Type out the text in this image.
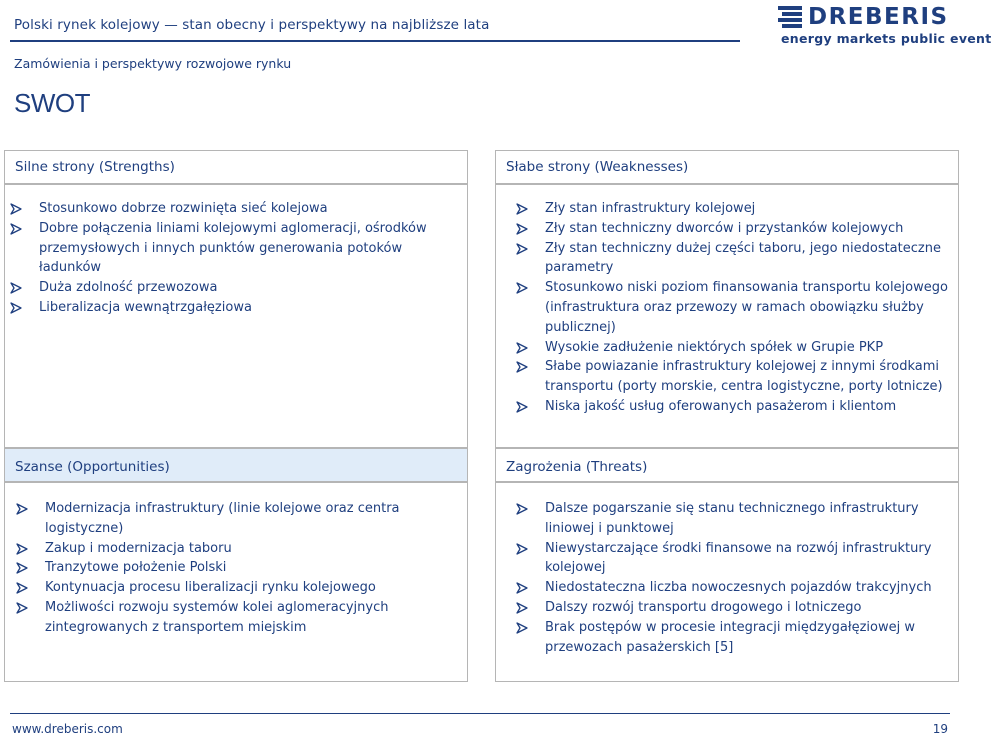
Polski rynek kolejowy — stan obecny i perspektywy na najbliższe lata	DREBERIS
energy markets public event
Zamówienia i perspektywy rozwojowe rynku
SWOT
Silne strony (Strengths)
Stosunkowo dobrze rozwinięta sieć kolejowa
Dobre połączenia liniami kolejowymi aglomeracji, ośrodków przemysłowych i innych punktów generowania potoków ładunków
Duża zdolność przewozowa
Liberalizacja wewnątrzgałęziowa
Słabe strony (Weaknesses)
Zły stan infrastruktury kolejowej
Zły stan techniczny dworców i przystanków kolejowych
Zły stan techniczny dużej części taboru, jego niedostateczne parametry
Stosunkowo niski poziom finansowania transportu kolejowego (infrastruktura oraz przewozy w ramach obowiązku służby publicznej)
Wysokie zadłużenie niektórych spółek w Grupie PKP
Słabe powiazanie infrastruktury kolejowej z innymi środkami transportu (porty morskie, centra logistyczne, porty lotnicze)
Niska jakość usług oferowanych pasażerom i klientom
Szanse (Opportunities)
Modernizacja infrastruktury (linie kolejowe oraz centra logistyczne)
Zakup i modernizacja taboru
Tranzytowe położenie Polski
Kontynuacja procesu liberalizacji rynku kolejowego
Możliwości rozwoju systemów kolei aglomeracyjnych zintegrowanych z transportem miejskim
Zagrożenia (Threats)
Dalsze pogarszanie się stanu technicznego infrastruktury liniowej i punktowej
Niewystarczające środki finansowe na rozwój infrastruktury kolejowej
Niedostateczna liczba nowoczesnych pojazdów trakcyjnych
Dalszy rozwój transportu drogowego i lotniczego
Brak postępów w procesie integracji międzygałęziowej w przewozach pasażerskich [5]
www.dreberis.com	19
